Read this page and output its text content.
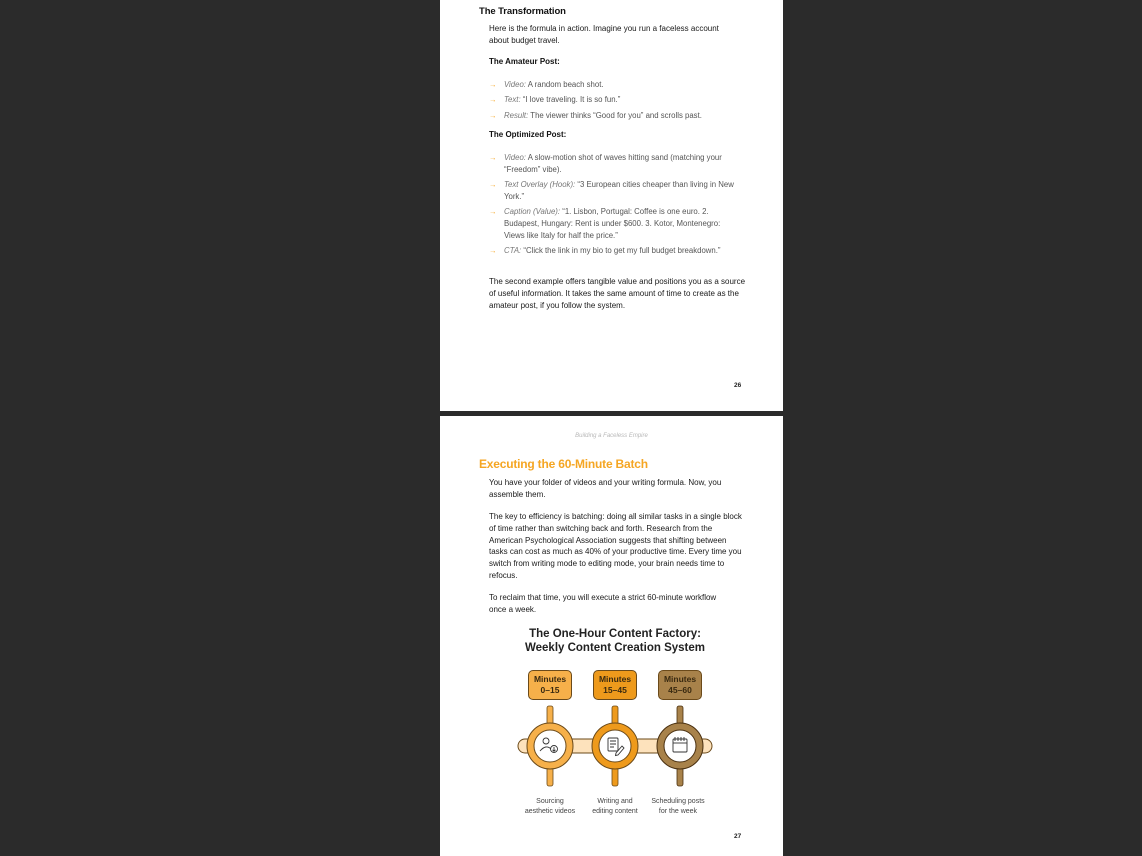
The Transformation

Here is the formula in action. Imagine you run a faceless account about budget travel.

The Amateur Post:

→ Video: A random beach shot.
→ Text: “I love traveling. It is so fun.”
→ Result: The viewer thinks “Good for you” and scrolls past.

The Optimized Post:

→ Video: A slow-motion shot of waves hitting sand (matching your “Freedom” vibe).
→ Text Overlay (Hook): “3 European cities cheaper than living in New York.”
→ Caption (Value): “1. Lisbon, Portugal: Coffee is one euro. 2. Budapest, Hungary: Rent is under $600. 3. Kotor, Montenegro: Views like Italy for half the price.”
→ CTA: “Click the link in my bio to get my full budget breakdown.”

The second example offers tangible value and positions you as a source of useful information. It takes the same amount of time to create as the amateur post, if you follow the system.

26
Building a Faceless Empire

Executing the 60-Minute Batch

You have your folder of videos and your writing formula. Now, you assemble them.

The key to efficiency is batching: doing all similar tasks in a single block of time rather than switching back and forth. Research from the American Psychological Association suggests that shifting between tasks can cost as much as 40% of your productive time. Every time you switch from writing mode to editing mode, your brain needs time to refocus.

To reclaim that time, you will execute a strict 60-minute workflow once a week.

The One-Hour Content Factory:
Weekly Content Creation System

Minutes
0–15
Minutes
15–45
Minutes
45–60

Sourcing
aesthetic videos

Writing and
editing content

Scheduling posts
for the week

27
